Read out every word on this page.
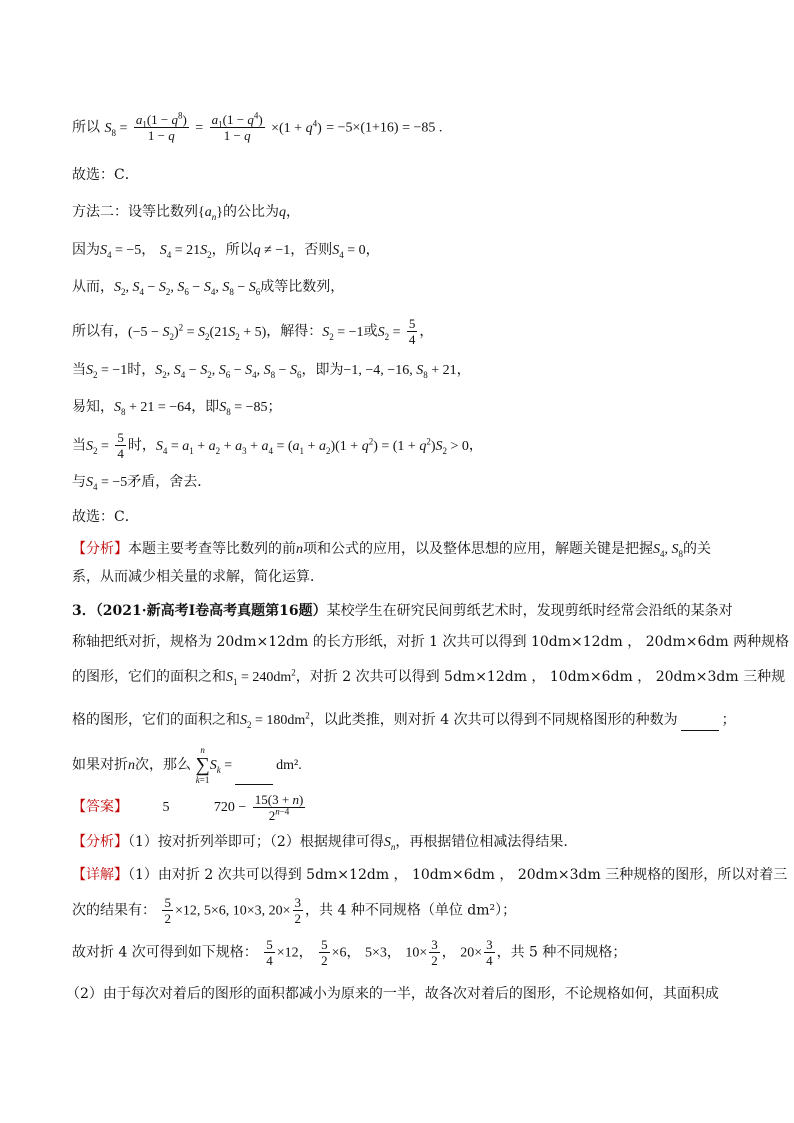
所以 $S_8 = \frac{a_1(1 - q^8)}{1 - q} = \frac{a_1(1 - q^4)}{1 - q} \times(1 + q^4) = -5\times(1+16) = -85$ .
故选：C．
方法二：设等比数列$\{a_n\}$的公比为q，
因为$S_4 = -5$， $S_4 = 21S_2$，所以q ≠ −1，否则$S_4 = 0$，
从而，$S_2$, $S_4 - S_2$, $S_6 - S_4$, $S_8 - S_6$成等比数列，
所以有，$(-5 - S_2)^2 = S_2(21S_2 + 5)$，解得：$S_2 = -1$或$S_2 = \frac{5}{4}$ ，
当$S_2 = -1$时，$S_2$, $S_4 - S_2$, $S_6 - S_4$, $S_8 - S_6$，即为−1, −4, −16, $S_8 + 21$，
易知，$S_8 + 21 = -64$，即$S_8 = -85$；
当$S_2 = \frac{5}{4}$ 时，$S_4 = a_1 + a_2 + a_3 + a_4 = (a_1 + a_2)(1 + q^2) = (1 + q^2)S_2 > 0$，
与$S_4 = -5$矛盾，舍去．
故选：C．
【分析】本题主要考查等比数列的前n项和公式的应用，以及整体思想的应用，解题关键是把握$S_4$, $S_8$的关
系，从而减少相关量的求解，简化运算．
3．（2021·新高考Ⅰ卷高考真题第16题）某校学生在研究民间剪纸艺术时，发现剪纸时经常会沿纸的某条对
称轴把纸对折，规格为 20dm×12dm 的长方形纸，对折 1 次共可以得到 10dm×12dm ， 20dm×6dm 两种规格
的图形，它们的面积之和$S_1 = 240dm^2$，对折 2 次共可以得到 5dm×12dm ， 10dm×6dm ， 20dm×3dm 三种规
格的图形，它们的面积之和$S_2 = 180dm^2$，以此类推，则对折 4 次共可以得到不同规格图形的种数为	；
如果对折n次，那么
n
∑
k=1
$S_k$ =	dm².
【答案】 5	$720 - \frac{15(3 + n)}{2^{n-4}}$
【分析】（1）按对折列举即可；（2）根据规律可得$S_n$，再根据错位相减法得结果.
【详解】（1）由对折 2 次共可以得到 5dm×12dm ， 10dm×6dm ， 20dm×3dm 三种规格的图形，所以对着三
次的结果有： $\frac{5}{2} \times 12$, 5×6, 10×3, $20\times \frac{3}{2}$ ，共 4 种不同规格（单位 dm²）；
故对折 4 次可得到如下规格： $\frac{5}{4} \times 12$， $\frac{5}{2} \times 6$， 5×3， $10\times \frac{3}{2}$ ， $20\times \frac{3}{4}$ ，共 5 种不同规格；
（2）由于每次对着后的图形的面积都减小为原来的一半，故各次对着后的图形，不论规格如何，其面积成
